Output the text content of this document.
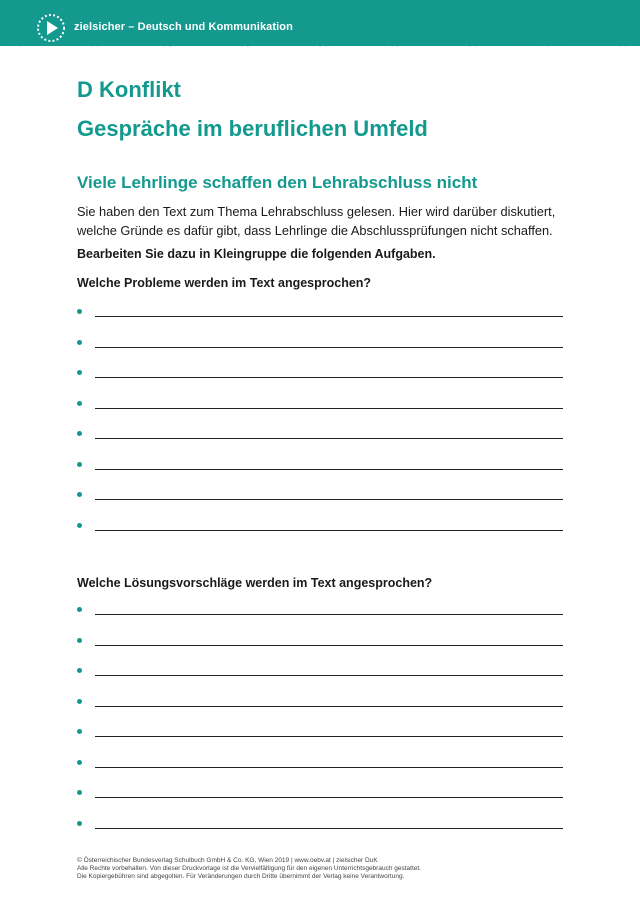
zielsicher – Deutsch und Kommunikation
D Konflikt
Gespräche im beruflichen Umfeld
Viele Lehrlinge schaffen den Lehrabschluss nicht

Sie haben den Text zum Thema Lehrabschluss gelesen. Hier wird darüber diskutiert, welche Gründe es dafür gibt, dass Lehrlinge die Abschlussprüfungen nicht schaffen.

Bearbeiten Sie dazu in Kleingruppe die folgenden Aufgaben.

Welche Probleme werden im Text angesprochen?

Welche Lösungsvorschläge werden im Text angesprochen?

© Österreichischer Bundesverlag Schulbuch GmbH & Co. KG, Wien 2019 | www.oebv.at | zielsicher DuK
Alle Rechte vorbehalten. Von dieser Druckvorlage ist die Vervielfältigung für den eigenen Unterrichtsgebrauch gestattet.
Die Kopiergebühren sind abgegolten. Für Veränderungen durch Dritte übernimmt der Verlag keine Verantwortung.
